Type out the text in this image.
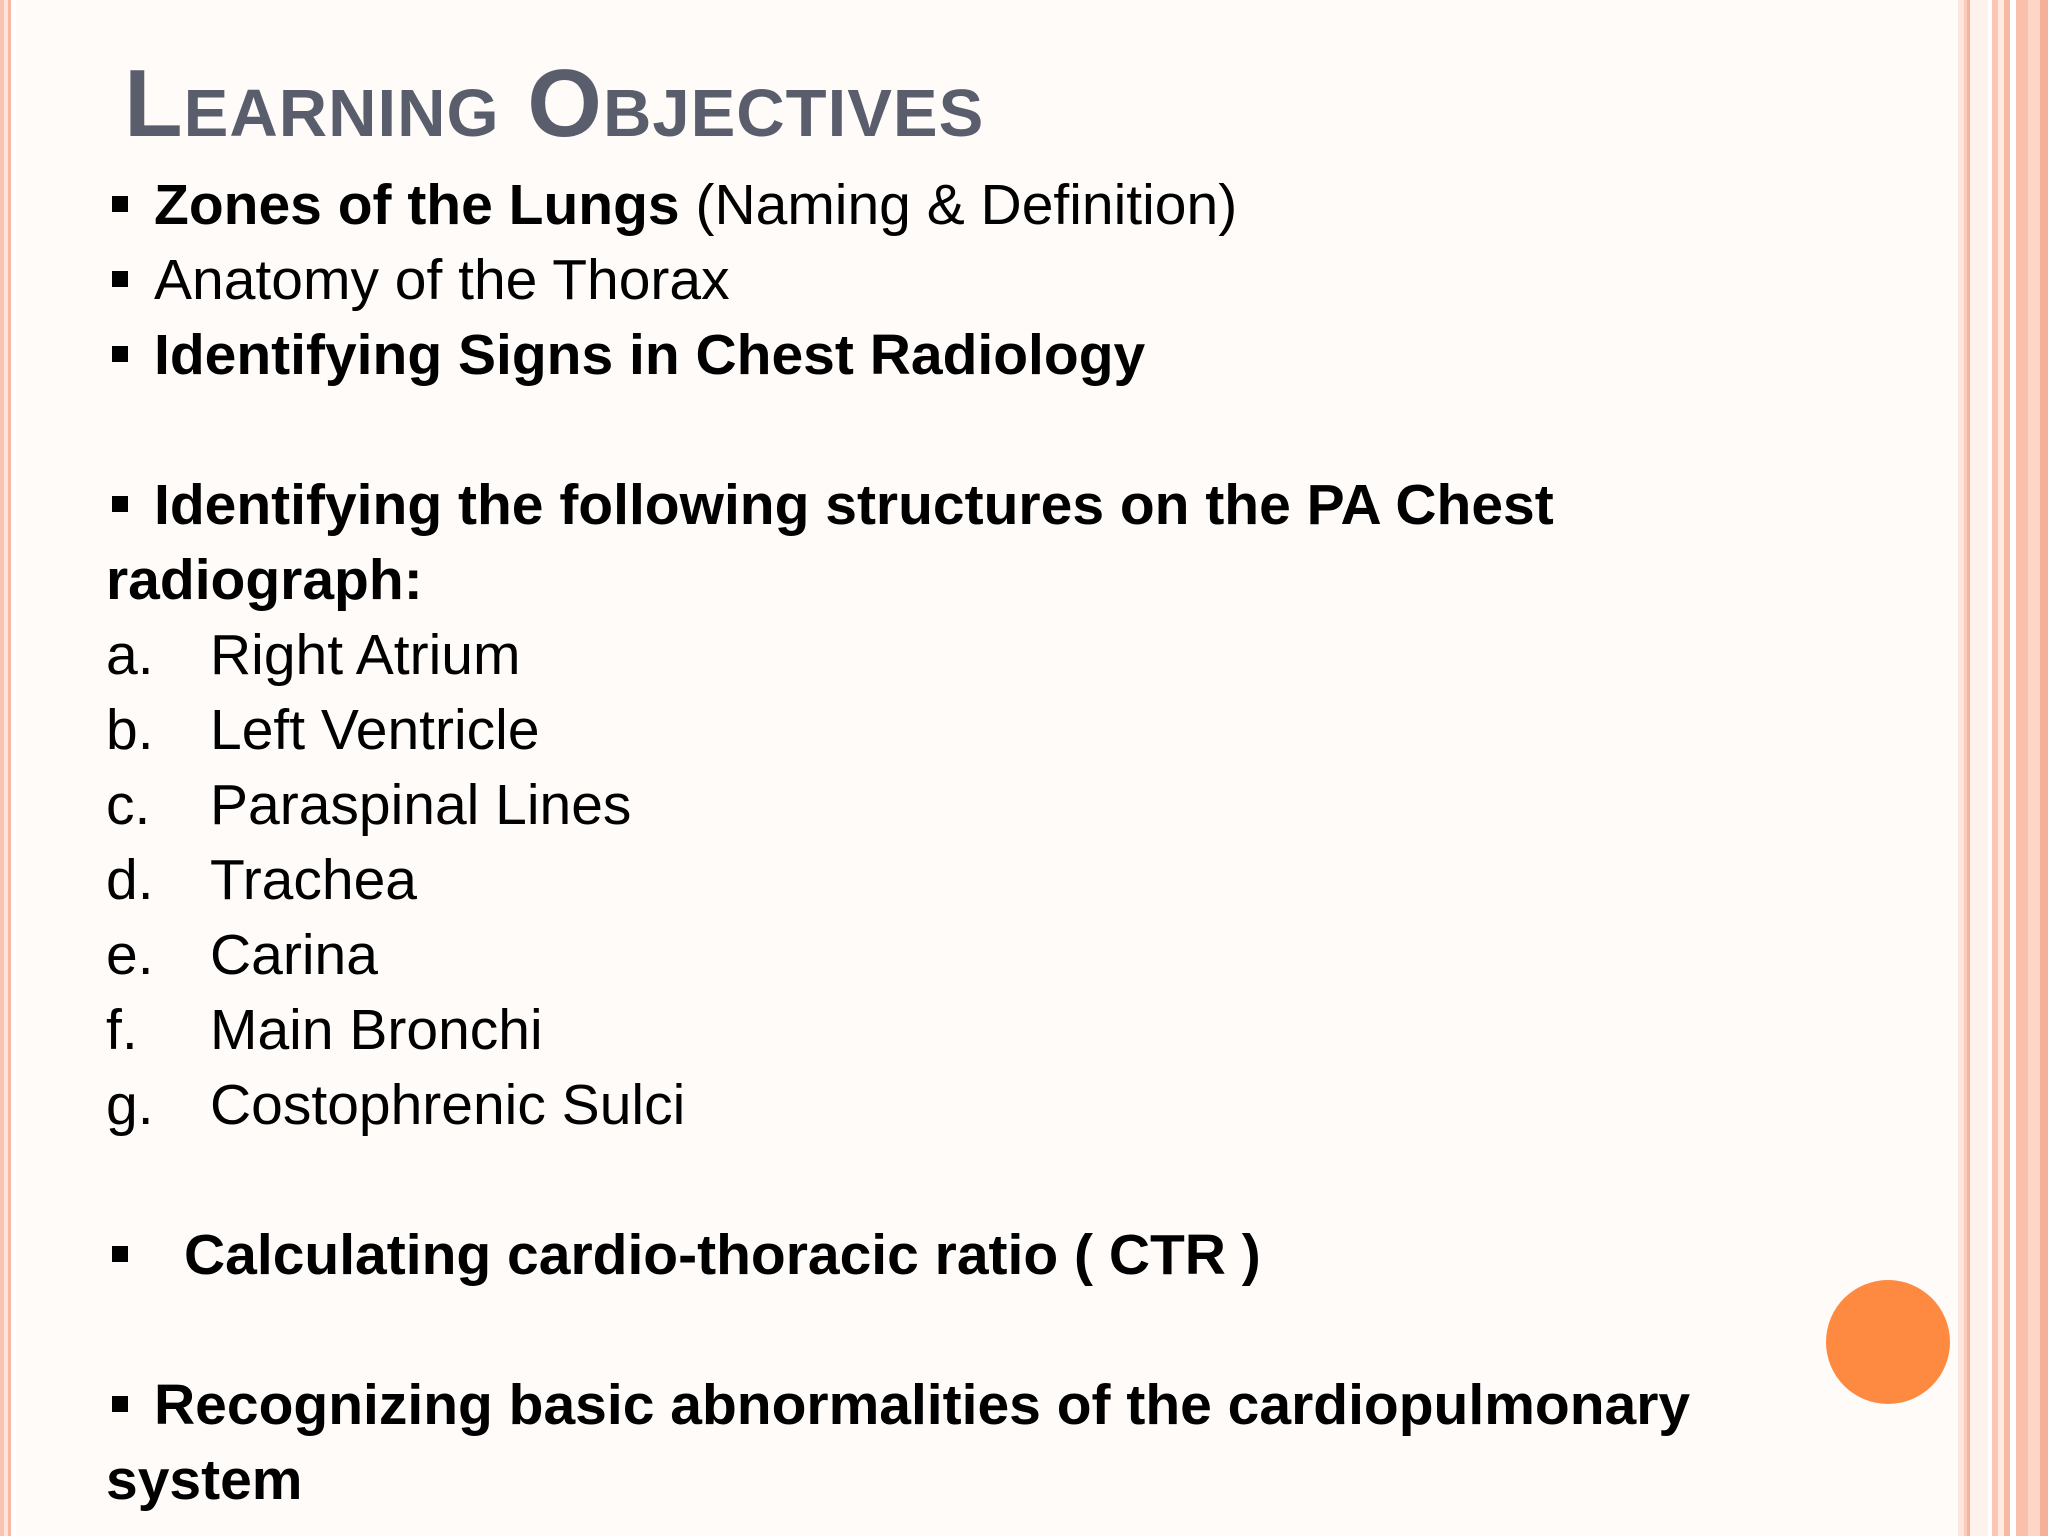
Learning Objectives
Zones of the Lungs (Naming & Definition)
Anatomy of the Thorax
Identifying Signs in Chest Radiology
Identifying the following structures on the PA Chest
radiograph:
a. Right Atrium
b. Left Ventricle
c. Paraspinal Lines
d. Trachea
e. Carina
f. Main Bronchi
g. Costophrenic Sulci
Calculating cardio-thoracic ratio ( CTR )
Recognizing basic abnormalities of the cardiopulmonary
system
